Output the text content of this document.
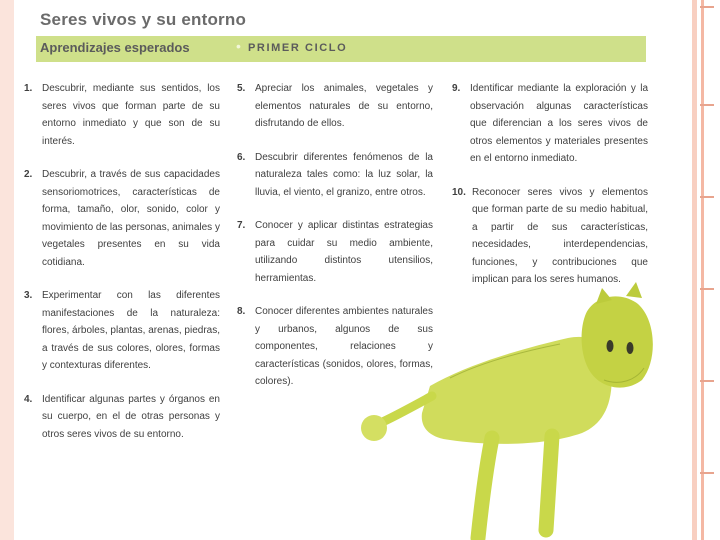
Seres vivos y su entorno
Aprendizajes esperados	• PRIMER CICLO
1. Descubrir, mediante sus sentidos, los seres vivos que forman parte de su entorno inmediato y que son de su interés.
2. Descubrir, a través de sus capacidades sensoriomotrices, características de forma, tamaño, olor, sonido, color y movimiento de las personas, animales y vegetales presentes en su vida cotidiana.
3. Experimentar con las diferentes manifestaciones de la naturaleza: flores, árboles, plantas, arenas, piedras, a través de sus colores, olores, formas y contexturas diferentes.
4. Identificar algunas partes y órganos en su cuerpo, en el de otras personas y otros seres vivos de su entorno.
5. Apreciar los animales, vegetales y elementos naturales de su entorno, disfrutando de ellos.
6. Descubrir diferentes fenómenos de la naturaleza tales como: la luz solar, la lluvia, el viento, el granizo, entre otros.
7. Conocer y aplicar distintas estrategias para cuidar su medio ambiente, utilizando distintos utensilios, herramientas.
8. Conocer diferentes ambientes naturales y urbanos, algunos de sus componentes, relaciones y características (sonidos, olores, formas, colores).
9. Identificar mediante la exploración y la observación algunas características que diferencian a los seres vivos de otros elementos y materiales presentes en el entorno inmediato.
10. Reconocer seres vivos y elementos que forman parte de su medio habitual, a partir de sus características, necesidades, interdependencias, funciones, y contribuciones que implican para los seres humanos.
